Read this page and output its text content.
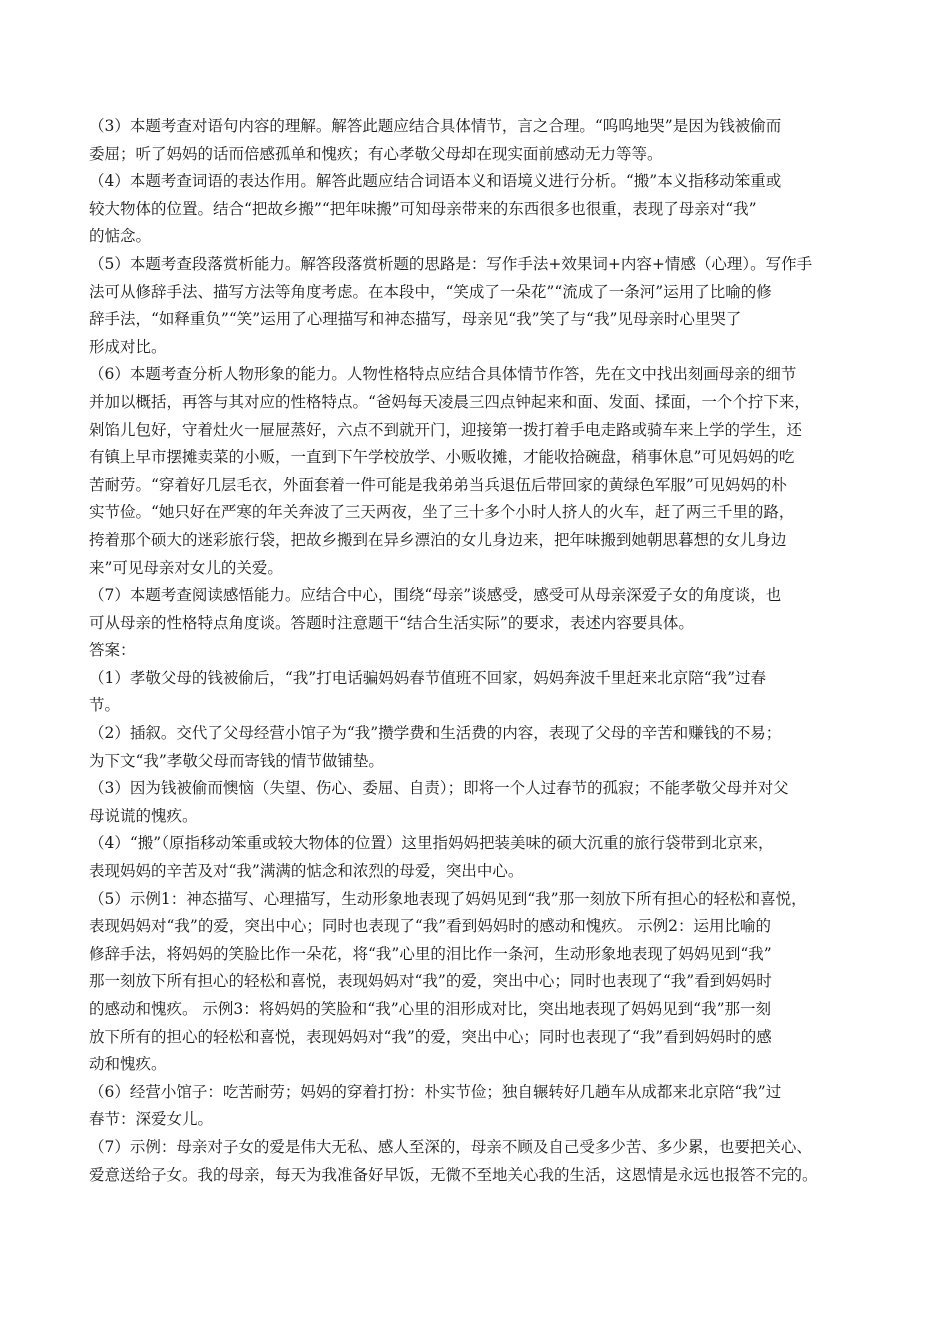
（3）本题考查对语句内容的理解。解答此题应结合具体情节，言之合理。“呜呜地哭”是因为钱被偷而
委屈；听了妈妈的话而倍感孤单和愧疚；有心孝敬父母却在现实面前感动无力等等。
（4）本题考查词语的表达作用。解答此题应结合词语本义和语境义进行分析。“搬”本义指移动笨重或
较大物体的位置。结合“把故乡搬”“把年味搬”可知母亲带来的东西很多也很重，表现了母亲对“我”
的惦念。
（5）本题考查段落赏析能力。解答段落赏析题的思路是：写作手法+效果词+内容+情感（心理）。写作手
法可从修辞手法、描写方法等角度考虑。在本段中，“笑成了一朵花”“流成了一条河”运用了比喻的修
辞手法，“如释重负”“笑”运用了心理描写和神态描写，母亲见“我”笑了与“我”见母亲时心里哭了
形成对比。
（6）本题考查分析人物形象的能力。人物性格特点应结合具体情节作答，先在文中找出刻画母亲的细节
并加以概括，再答与其对应的性格特点。“爸妈每天凌晨三四点钟起来和面、发面、揉面，一个个拧下来，
剁馅儿包好，守着灶火一屉屉蒸好，六点不到就开门，迎接第一拨打着手电走路或骑车来上学的学生，还
有镇上早市摆摊卖菜的小贩，一直到下午学校放学、小贩收摊，才能收拾碗盘，稍事休息”可见妈妈的吃
苦耐劳。“穿着好几层毛衣，外面套着一件可能是我弟弟当兵退伍后带回家的黄绿色军服”可见妈妈的朴
实节俭。“她只好在严寒的年关奔波了三天两夜，坐了三十多个小时人挤人的火车，赶了两三千里的路，
挎着那个硕大的迷彩旅行袋，把故乡搬到在异乡漂泊的女儿身边来，把年味搬到她朝思暮想的女儿身边
来”可见母亲对女儿的关爱。
（7）本题考查阅读感悟能力。应结合中心，围绕“母亲”谈感受，感受可从母亲深爱子女的角度谈，也
可从母亲的性格特点角度谈。答题时注意题干“结合生活实际”的要求，表述内容要具体。
答案：
（1）孝敬父母的钱被偷后，“我”打电话骗妈妈春节值班不回家，妈妈奔波千里赶来北京陪“我”过春
节。
（2）插叙。交代了父母经营小馆子为“我”攒学费和生活费的内容，表现了父母的辛苦和赚钱的不易；
为下文“我”孝敬父母而寄钱的情节做铺垫。
（3）因为钱被偷而懊恼（失望、伤心、委屈、自责）；即将一个人过春节的孤寂；不能孝敬父母并对父
母说谎的愧疚。
（4）“搬”（原指移动笨重或较大物体的位置）这里指妈妈把装美味的硕大沉重的旅行袋带到北京来，
表现妈妈的辛苦及对“我”满满的惦念和浓烈的母爱，突出中心。
（5）示例1：神态描写、心理描写，生动形象地表现了妈妈见到“我”那一刻放下所有担心的轻松和喜悦，
表现妈妈对“我”的爱，突出中心；同时也表现了“我”看到妈妈时的感动和愧疚。 示例2：运用比喻的
修辞手法，将妈妈的笑脸比作一朵花，将“我”心里的泪比作一条河，生动形象地表现了妈妈见到“我”
那一刻放下所有担心的轻松和喜悦，表现妈妈对“我”的爱，突出中心；同时也表现了“我”看到妈妈时
的感动和愧疚。 示例3：将妈妈的笑脸和“我”心里的泪形成对比，突出地表现了妈妈见到“我”那一刻
放下所有的担心的轻松和喜悦，表现妈妈对“我”的爱，突出中心；同时也表现了“我”看到妈妈时的感
动和愧疚。
（6）经营小馆子：吃苦耐劳；妈妈的穿着打扮：朴实节俭；独自辗转好几趟车从成都来北京陪“我”过
春节：深爱女儿。
（7）示例：母亲对子女的爱是伟大无私、感人至深的，母亲不顾及自己受多少苦、多少累，也要把关心、
爱意送给子女。我的母亲，每天为我准备好早饭，无微不至地关心我的生活，这恩情是永远也报答不完的。
